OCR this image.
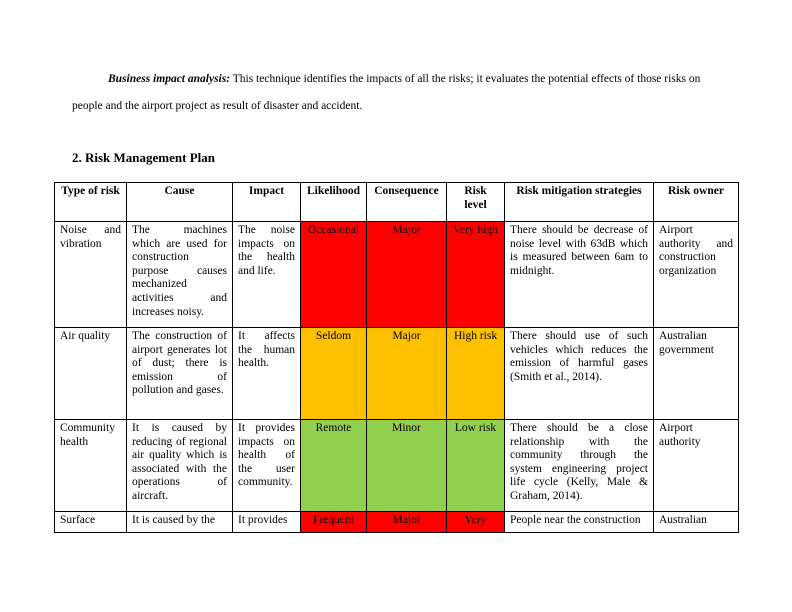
Business impact analysis: This technique identifies the impacts of all the risks; it evaluates the potential effects of those risks on people and the airport project as result of disaster and accident.

2. Risk Management Plan
Type of risk	Cause	Impact	Likelihood	Consequence	Risk level	Risk mitigation strategies	Risk owner
Noise and vibration	The machines which are used for construction purpose causes mechanized activities and increases noisy.	The noise impacts on the health and life.	Occasional	Major	Very high	There should be decrease of noise level with 63dB which is measured between 6am to midnight.	Airport authority and construction organization
Air quality	The construction of airport generates lot of dust; there is emission of pollution and gases.	It affects the human health.	Seldom	Major	High risk	There should use of such vehicles which reduces the emission of harmful gases (Smith et al., 2014).	Australian government
Community health	It is caused by reducing of regional air quality which is associated with the operations of aircraft.	It provides impacts on health of the user community.	Remote	Minor	Low risk	There should be a close relationship with the community through the system engineering project life cycle (Kelly, Male & Graham, 2014).	Airport authority
Surface	It is caused by the	It provides	Frequent	Major	Very	People near the construction	Australian
